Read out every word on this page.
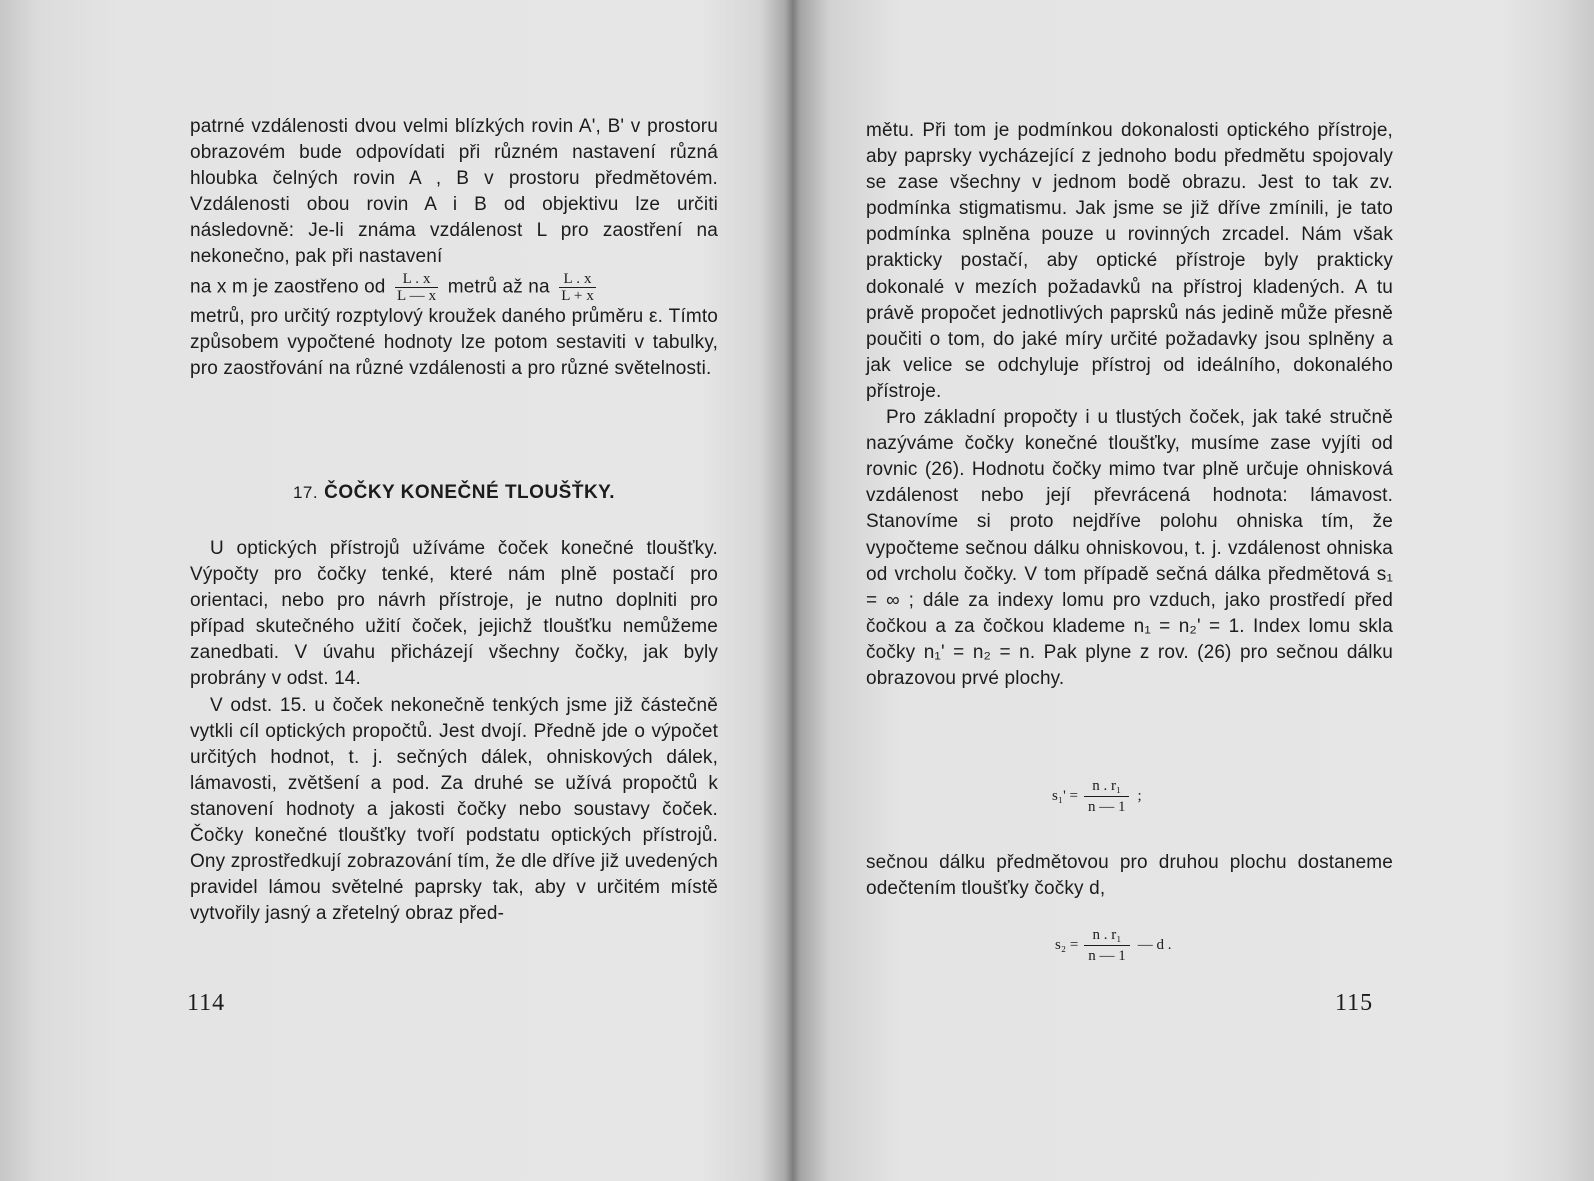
patrné vzdálenosti dvou velmi blízkých rovin A', B' v prostoru obrazovém bude odpovídati při různém nastavení různá hloubka čelných rovin A , B v prostoru předmětovém. Vzdálenosti obou rovin A i B od objektivu lze určiti následovně: Je-li známa vzdálenost L pro zaostření na nekonečno, pak při nastavení

na x m je zaostřeno od $\frac{L . x}{L — x}$ metrů až na $\frac{L . x}{L + x}$

metrů, pro určitý rozptylový kroužek daného průměru ε. Tímto způsobem vypočtené hodnoty lze potom sestaviti v tabulky, pro zaostřování na různé vzdálenosti a pro různé světelnosti.

17. ČOČKY KONEČNÉ TLOUŠŤKY.

U optických přístrojů užíváme čoček konečné tloušťky. Výpočty pro čočky tenké, které nám plně postačí pro orientaci, nebo pro návrh přístroje, je nutno doplniti pro případ skutečného užití čoček, jejichž tloušťku nemůžeme zanedbati. V úvahu přicházejí všechny čočky, jak byly probrány v odst. 14.

V odst. 15. u čoček nekonečně tenkých jsme již částečně vytkli cíl optických propočtů. Jest dvojí. Předně jde o výpočet určitých hodnot, t. j. sečných dálek, ohniskových dálek, lámavosti, zvětšení a pod. Za druhé se užívá propočtů k stanovení hodnoty a jakosti čočky nebo soustavy čoček. Čočky konečné tloušťky tvoří podstatu optických přístrojů. Ony zprostředkují zobrazování tím, že dle dříve již uvedených pravidel lámou světelné paprsky tak, aby v určitém místě vytvořily jasný a zřetelný obraz před-

114

mětu. Při tom je podmínkou dokonalosti optického přístroje, aby paprsky vycházející z jednoho bodu předmětu spojovaly se zase všechny v jednom bodě obrazu. Jest to tak zv. podmínka stigmatismu. Jak jsme se již dříve zmínili, je tato podmínka splněna pouze u rovinných zrcadel. Nám však prakticky postačí, aby optické přístroje byly prakticky dokonalé v mezích požadavků na přístroj kladených. A tu právě propočet jednotlivých paprsků nás jedině může přesně poučiti o tom, do jaké míry určité požadavky jsou splněny a jak velice se odchyluje přístroj od ideálního, dokonalého přístroje.

Pro základní propočty i u tlustých čoček, jak také stručně nazýváme čočky konečné tloušťky, musíme zase vyjíti od rovnic (26). Hodnotu čočky mimo tvar plně určuje ohnisková vzdálenost nebo její převrácená hodnota: lámavost. Stanovíme si proto nejdříve polohu ohniska tím, že vypočteme sečnou dálku ohniskovou, t. j. vzdálenost ohniska od vrcholu čočky. V tom případě sečná dálka předmětová s₁ = ∞ ; dále za indexy lomu pro vzduch, jako prostředí před čočkou a za čočkou klademe n₁ = n₂' = 1. Index lomu skla čočky n₁' = n₂ = n. Pak plyne z rov. (26) pro sečnou dálku obrazovou prvé plochy.

$s_1' = \frac{\text{n . r₁}}{n — 1}$ ;

sečnou dálku předmětovou pro druhou plochu dostaneme odečtením tloušťky čočky d,

$s_2 = \frac{\text{n . r₁}}{n — 1}$ — d .
115
